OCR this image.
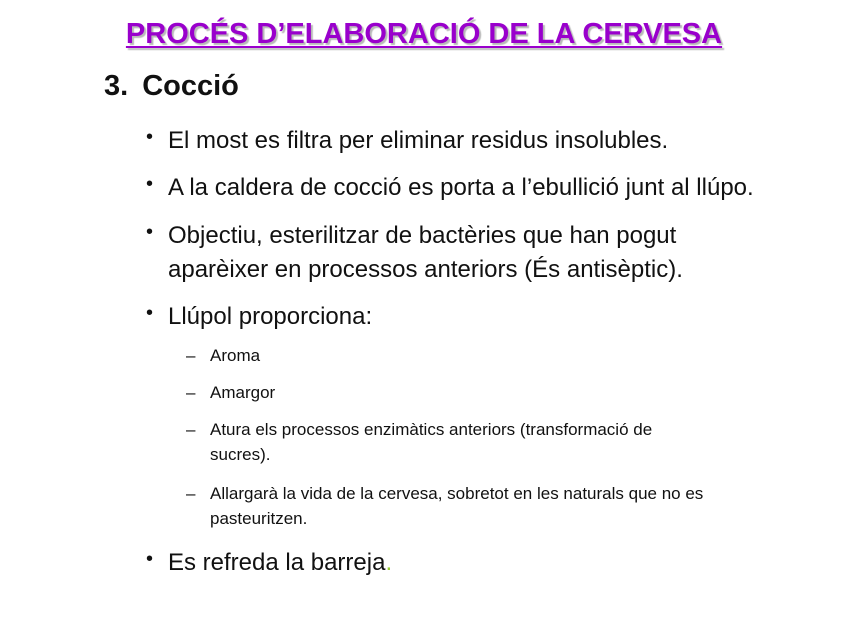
PROCÉS D’ELABORACIÓ DE LA CERVESA
3. Cocció
• El most es filtra per eliminar residus insolubles.
• A la caldera de cocció es porta a l’ebullició junt al llúpo.
• Objectiu, esterilitzar de bactèries que han pogut
aparèixer en processos anteriors (És antisèptic).
• Llúpol proporciona:
– Aroma
– Amargor
– Atura els processos enzimàtics anteriors (transformació de
sucres).
– Allargarà la vida de la cervesa, sobretot en les naturals que no es
pasteuritzen.
• Es refreda la barreja.
